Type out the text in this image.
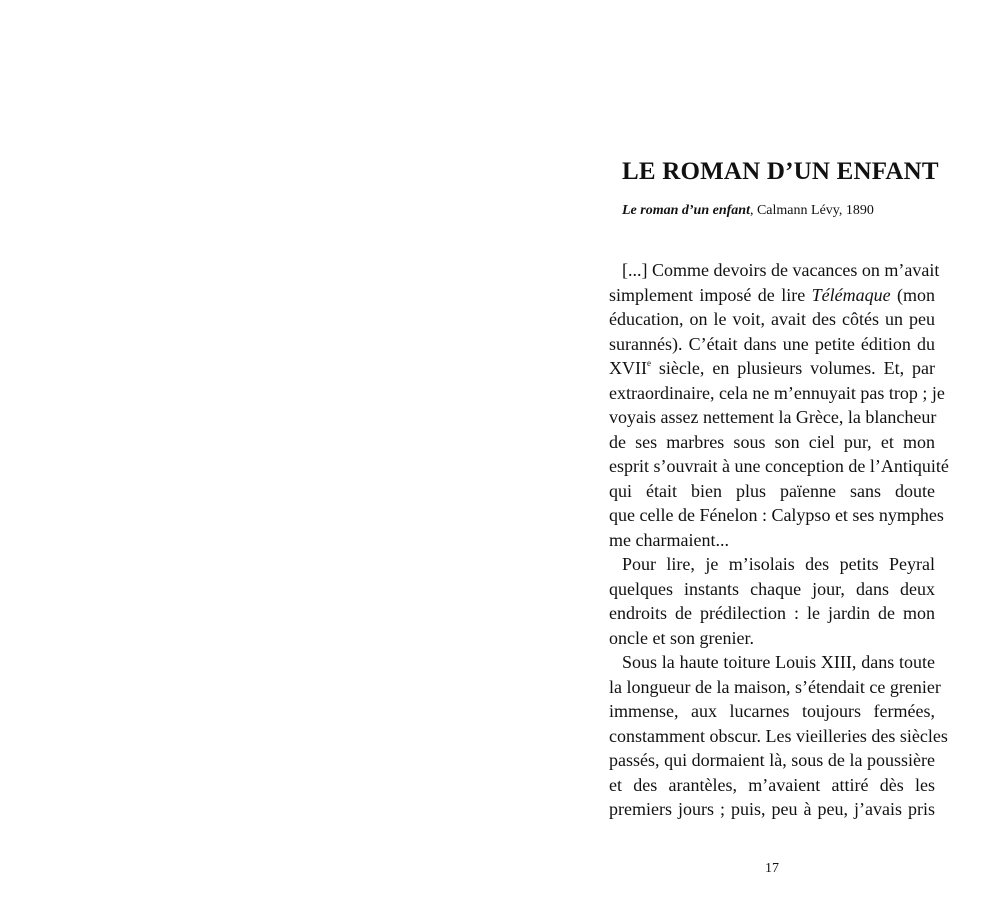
LE ROMAN D’UN ENFANT
Le roman d’un enfant, Calmann Lévy, 1890
[...] Comme devoirs de vacances on m’avait
simplement imposé de lire Télémaque (mon
éducation, on le voit, avait des côtés un peu
surannés). C’était dans une petite édition du
XVIIe siècle, en plusieurs volumes. Et, par
extraordinaire, cela ne m’ennuyait pas trop ; je
voyais assez nettement la Grèce, la blancheur
de ses marbres sous son ciel pur, et mon
esprit s’ouvrait à une conception de l’Antiquité
qui était bien plus païenne sans doute
que celle de Fénelon : Calypso et ses nymphes
me charmaient...
Pour lire, je m’isolais des petits Peyral
quelques instants chaque jour, dans deux
endroits de prédilection : le jardin de mon
oncle et son grenier.
Sous la haute toiture Louis XIII, dans toute
la longueur de la maison, s’étendait ce grenier
immense, aux lucarnes toujours fermées,
constamment obscur. Les vieilleries des siècles
passés, qui dormaient là, sous de la poussière
et des arantèles, m’avaient attiré dès les
premiers jours ; puis, peu à peu, j’avais pris
17
